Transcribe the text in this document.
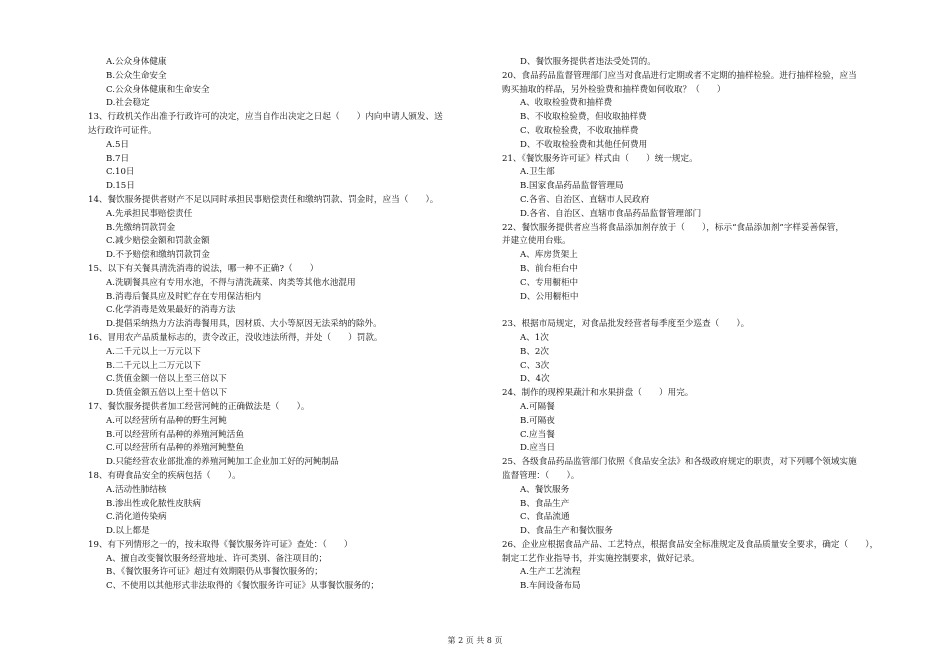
A.公众身体健康
B.公众生命安全
C.公众身体健康和生命安全
D.社会稳定
13、行政机关作出准予行政许可的决定，应当自作出决定之日起（　　）内向申请人颁发、送
达行政许可证件。
A.5日
B.7日
C.10日
D.15日
14、餐饮服务提供者财产不足以同时承担民事赔偿责任和缴纳罚款、罚金时，应当（　　）。
A.先承担民事赔偿责任
B.先缴纳罚款罚金
C.减少赔偿金额和罚款金额
D.不予赔偿和缴纳罚款罚金
15、以下有关餐具清洗消毒的说法，哪一种不正确?（　　）
A.洗刷餐具应有专用水池，不得与清洗蔬菜、肉类等其他水池混用
B.消毒后餐具应及时贮存在专用保洁柜内
C.化学消毒是效果最好的消毒方法
D.提倡采纳热力方法消毒餐用具，因材质、大小等原因无法采纳的除外。
16、冒用农产品质量标志的，责令改正，没收违法所得，并处（　　）罚款。
A.二千元以上一万元以下
B.二千元以上二万元以下
C.货值金额一倍以上至三倍以下
D.货值金额五倍以上至十倍以下
17、餐饮服务提供者加工经营河鲀的正确做法是（　　）。
A.可以经营所有品种的野生河鲀
B.可以经营所有品种的养殖河鲀活鱼
C.可以经营所有品种的养殖河鲀整鱼
D.只能经营农业部批准的养殖河鲀加工企业加工好的河鲀制品
18、有碍食品安全的疾病包括（　　）。
A.活动性肺结核
B.渗出性或化脓性皮肤病
C.消化道传染病
D.以上都是
19、有下列情形之一的，按未取得《餐饮服务许可证》查处：（　　）
A、擅自改变餐饮服务经营地址、许可类别、备注项目的；
B、《餐饮服务许可证》超过有效期限仍从事餐饮服务的；
C、不使用以其他形式非法取得的《餐饮服务许可证》从事餐饮服务的；
D、餐饮服务提供者违法受处罚的。
20、食品药品监督管理部门应当对食品进行定期或者不定期的抽样检验。进行抽样检验，应当
购买抽取的样品，另外检验费和抽样费如何收取？（　　）
A、收取检验费和抽样费
B、不收取检验费，但收取抽样费
C、收取检验费，不收取抽样费
D、不收取检验费和其他任何费用
21、《餐饮服务许可证》样式由（　　）统一规定。
A.卫生部
B.国家食品药品监督管理局
C.各省、自治区、直辖市人民政府
D.各省、自治区、直辖市食品药品监督管理部门
22、餐饮服务提供者应当将食品添加剂存放于（　　），标示“食品添加剂”字样妥善保管，
并建立使用台账。
A、库房货架上
B、前台柜台中
C、专用橱柜中
D、公用橱柜中
23、根据市局规定，对食品批发经营者每季度至少巡查（　　）。
A、1次
B、2次
C、3次
D、4次
24、制作的现榨果蔬汁和水果拼盘（　　）用完。
A.可隔餐
B.可隔夜
C.应当餐
D.应当日
25、各级食品药品监管部门依照《食品安全法》和各级政府规定的职责，对下列哪个领域实施
监督管理：（　　）。
A、餐饮服务
B、食品生产
C、食品流通
D、食品生产和餐饮服务
26、企业应根据食品产品、工艺特点，根据食品安全标准规定及食品质量安全要求，确定（　　），
制定工艺作业指导书，并实施控制要求，做好记录。
A.生产工艺流程
B.车间设备布局
第 2 页 共 8 页
